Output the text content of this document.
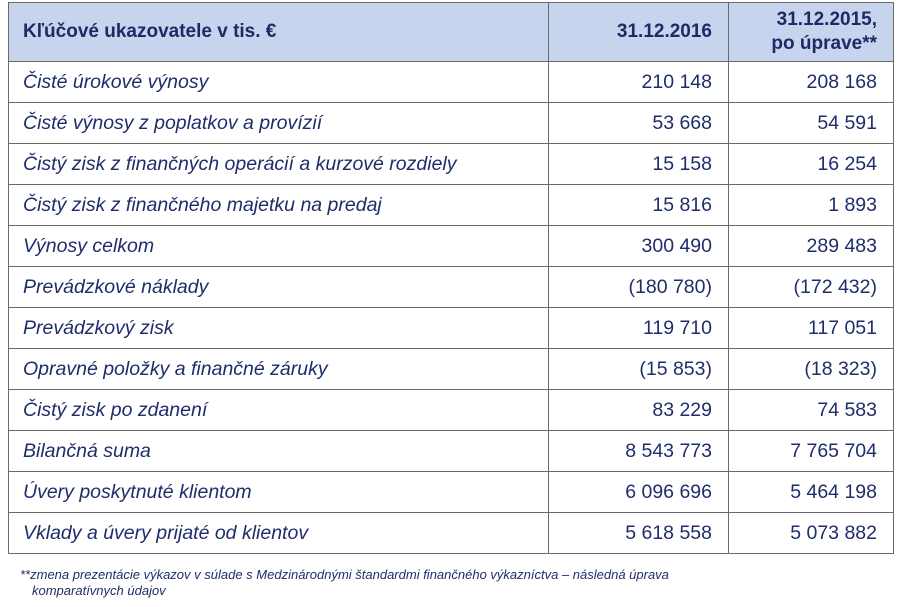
Kľúčové ukazovatele v tis. €	31.12.2016	31.12.2015,
po úprave**
Čisté úrokové výnosy	210 148	208 168
Čisté výnosy z poplatkov a provízií	53 668	54 591
Čistý zisk z finančných operácií a kurzové rozdiely	15 158	16 254
Čistý zisk z finančného majetku na predaj	15 816	1 893
Výnosy celkom	300 490	289 483
Prevádzkové náklady	(180 780)	(172 432)
Prevádzkový zisk	119 710	117 051
Opravné položky a finančné záruky	(15 853)	(18 323)
Čistý zisk po zdanení	83 229	74 583
Bilančná suma	8 543 773	7 765 704
Úvery poskytnuté klientom	6 096 696	5 464 198
Vklady a úvery prijaté od klientov	5 618 558	5 073 882
**zmena prezentácie výkazov v súlade s Medzinárodnými štandardmi finančného výkazníctva – následná úprava
komparatívnych údajov
